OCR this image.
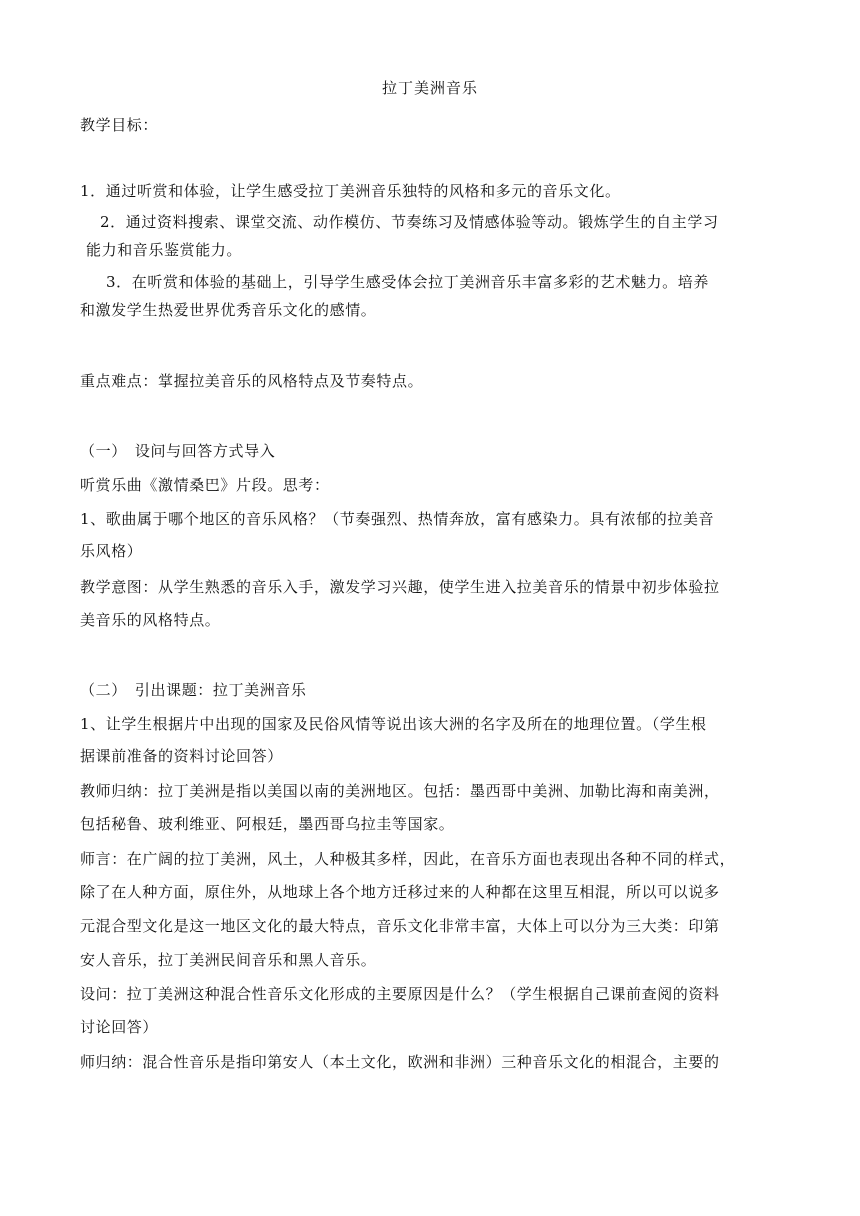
拉丁美洲音乐
教学目标：
1．通过听赏和体验，让学生感受拉丁美洲音乐独特的风格和多元的音乐文化。
2．通过资料搜索、课堂交流、动作模仿、节奏练习及情感体验等动。锻炼学生的自主学习
能力和音乐鉴赏能力。
3．在听赏和体验的基础上，引导学生感受体会拉丁美洲音乐丰富多彩的艺术魅力。培养
和激发学生热爱世界优秀音乐文化的感情。
重点难点：掌握拉美音乐的风格特点及节奏特点。
（一）　设问与回答方式导入
听赏乐曲《激情桑巴》片段。思考：
1、歌曲属于哪个地区的音乐风格？（节奏强烈、热情奔放，富有感染力。具有浓郁的拉美音
乐风格）
教学意图：从学生熟悉的音乐入手，激发学习兴趣，使学生进入拉美音乐的情景中初步体验拉
美音乐的风格特点。
（二）　引出课题：拉丁美洲音乐
1、让学生根据片中出现的国家及民俗风情等说出该大洲的名字及所在的地理位置。（学生根
据课前准备的资料讨论回答）
教师归纳：拉丁美洲是指以美国以南的美洲地区。包括：墨西哥中美洲、加勒比海和南美洲，
包括秘鲁、玻利维亚、阿根廷，墨西哥乌拉圭等国家。
师言：在广阔的拉丁美洲，风土，人种极其多样，因此，在音乐方面也表现出各种不同的样式，
除了在人种方面，原住外，从地球上各个地方迁移过来的人种都在这里互相混，所以可以说多
元混合型文化是这一地区文化的最大特点，音乐文化非常丰富，大体上可以分为三大类：印第
安人音乐，拉丁美洲民间音乐和黑人音乐。
设问：拉丁美洲这种混合性音乐文化形成的主要原因是什么？（学生根据自己课前查阅的资料
讨论回答）
师归纳：混合性音乐是指印第安人（本土文化，欧洲和非洲）三种音乐文化的相混合，主要的
